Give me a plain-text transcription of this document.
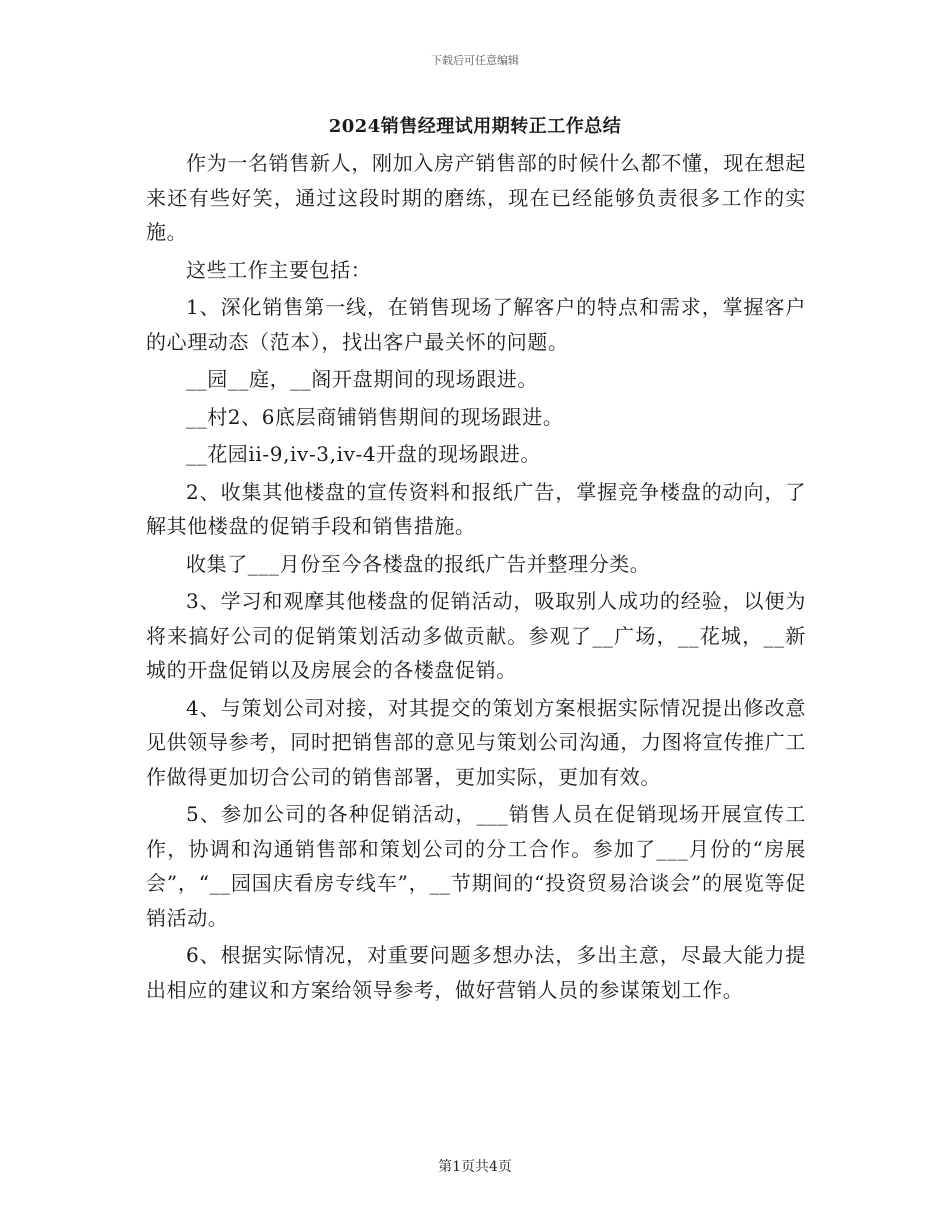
下载后可任意编辑
2024销售经理试用期转正工作总结

作为一名销售新人，刚加入房产销售部的时候什么都不懂，现在想起来还有些好笑，通过这段时期的磨练，现在已经能够负责很多工作的实施。

这些工作主要包括：

1、深化销售第一线，在销售现场了解客户的特点和需求，掌握客户的心理动态（范本），找出客户最关怀的问题。

__园__庭，__阁开盘期间的现场跟进。

__村2、6底层商铺销售期间的现场跟进。

__花园ii-9,iv-3,iv-4开盘的现场跟进。

2、收集其他楼盘的宣传资料和报纸广告，掌握竞争楼盘的动向，了解其他楼盘的促销手段和销售措施。

收集了___月份至今各楼盘的报纸广告并整理分类。

3、学习和观摩其他楼盘的促销活动，吸取别人成功的经验，以便为将来搞好公司的促销策划活动多做贡献。参观了__广场，__花城，__新城的开盘促销以及房展会的各楼盘促销。

4、与策划公司对接，对其提交的策划方案根据实际情况提出修改意见供领导参考，同时把销售部的意见与策划公司沟通，力图将宣传推广工作做得更加切合公司的销售部署，更加实际，更加有效。

5、参加公司的各种促销活动，___销售人员在促销现场开展宣传工作，协调和沟通销售部和策划公司的分工合作。参加了___月份的“房展会”，“__园国庆看房专线车”，__节期间的“投资贸易洽谈会”的展览等促销活动。

6、根据实际情况，对重要问题多想办法，多出主意，尽最大能力提出相应的建议和方案给领导参考，做好营销人员的参谋策划工作。

第1页共4页
